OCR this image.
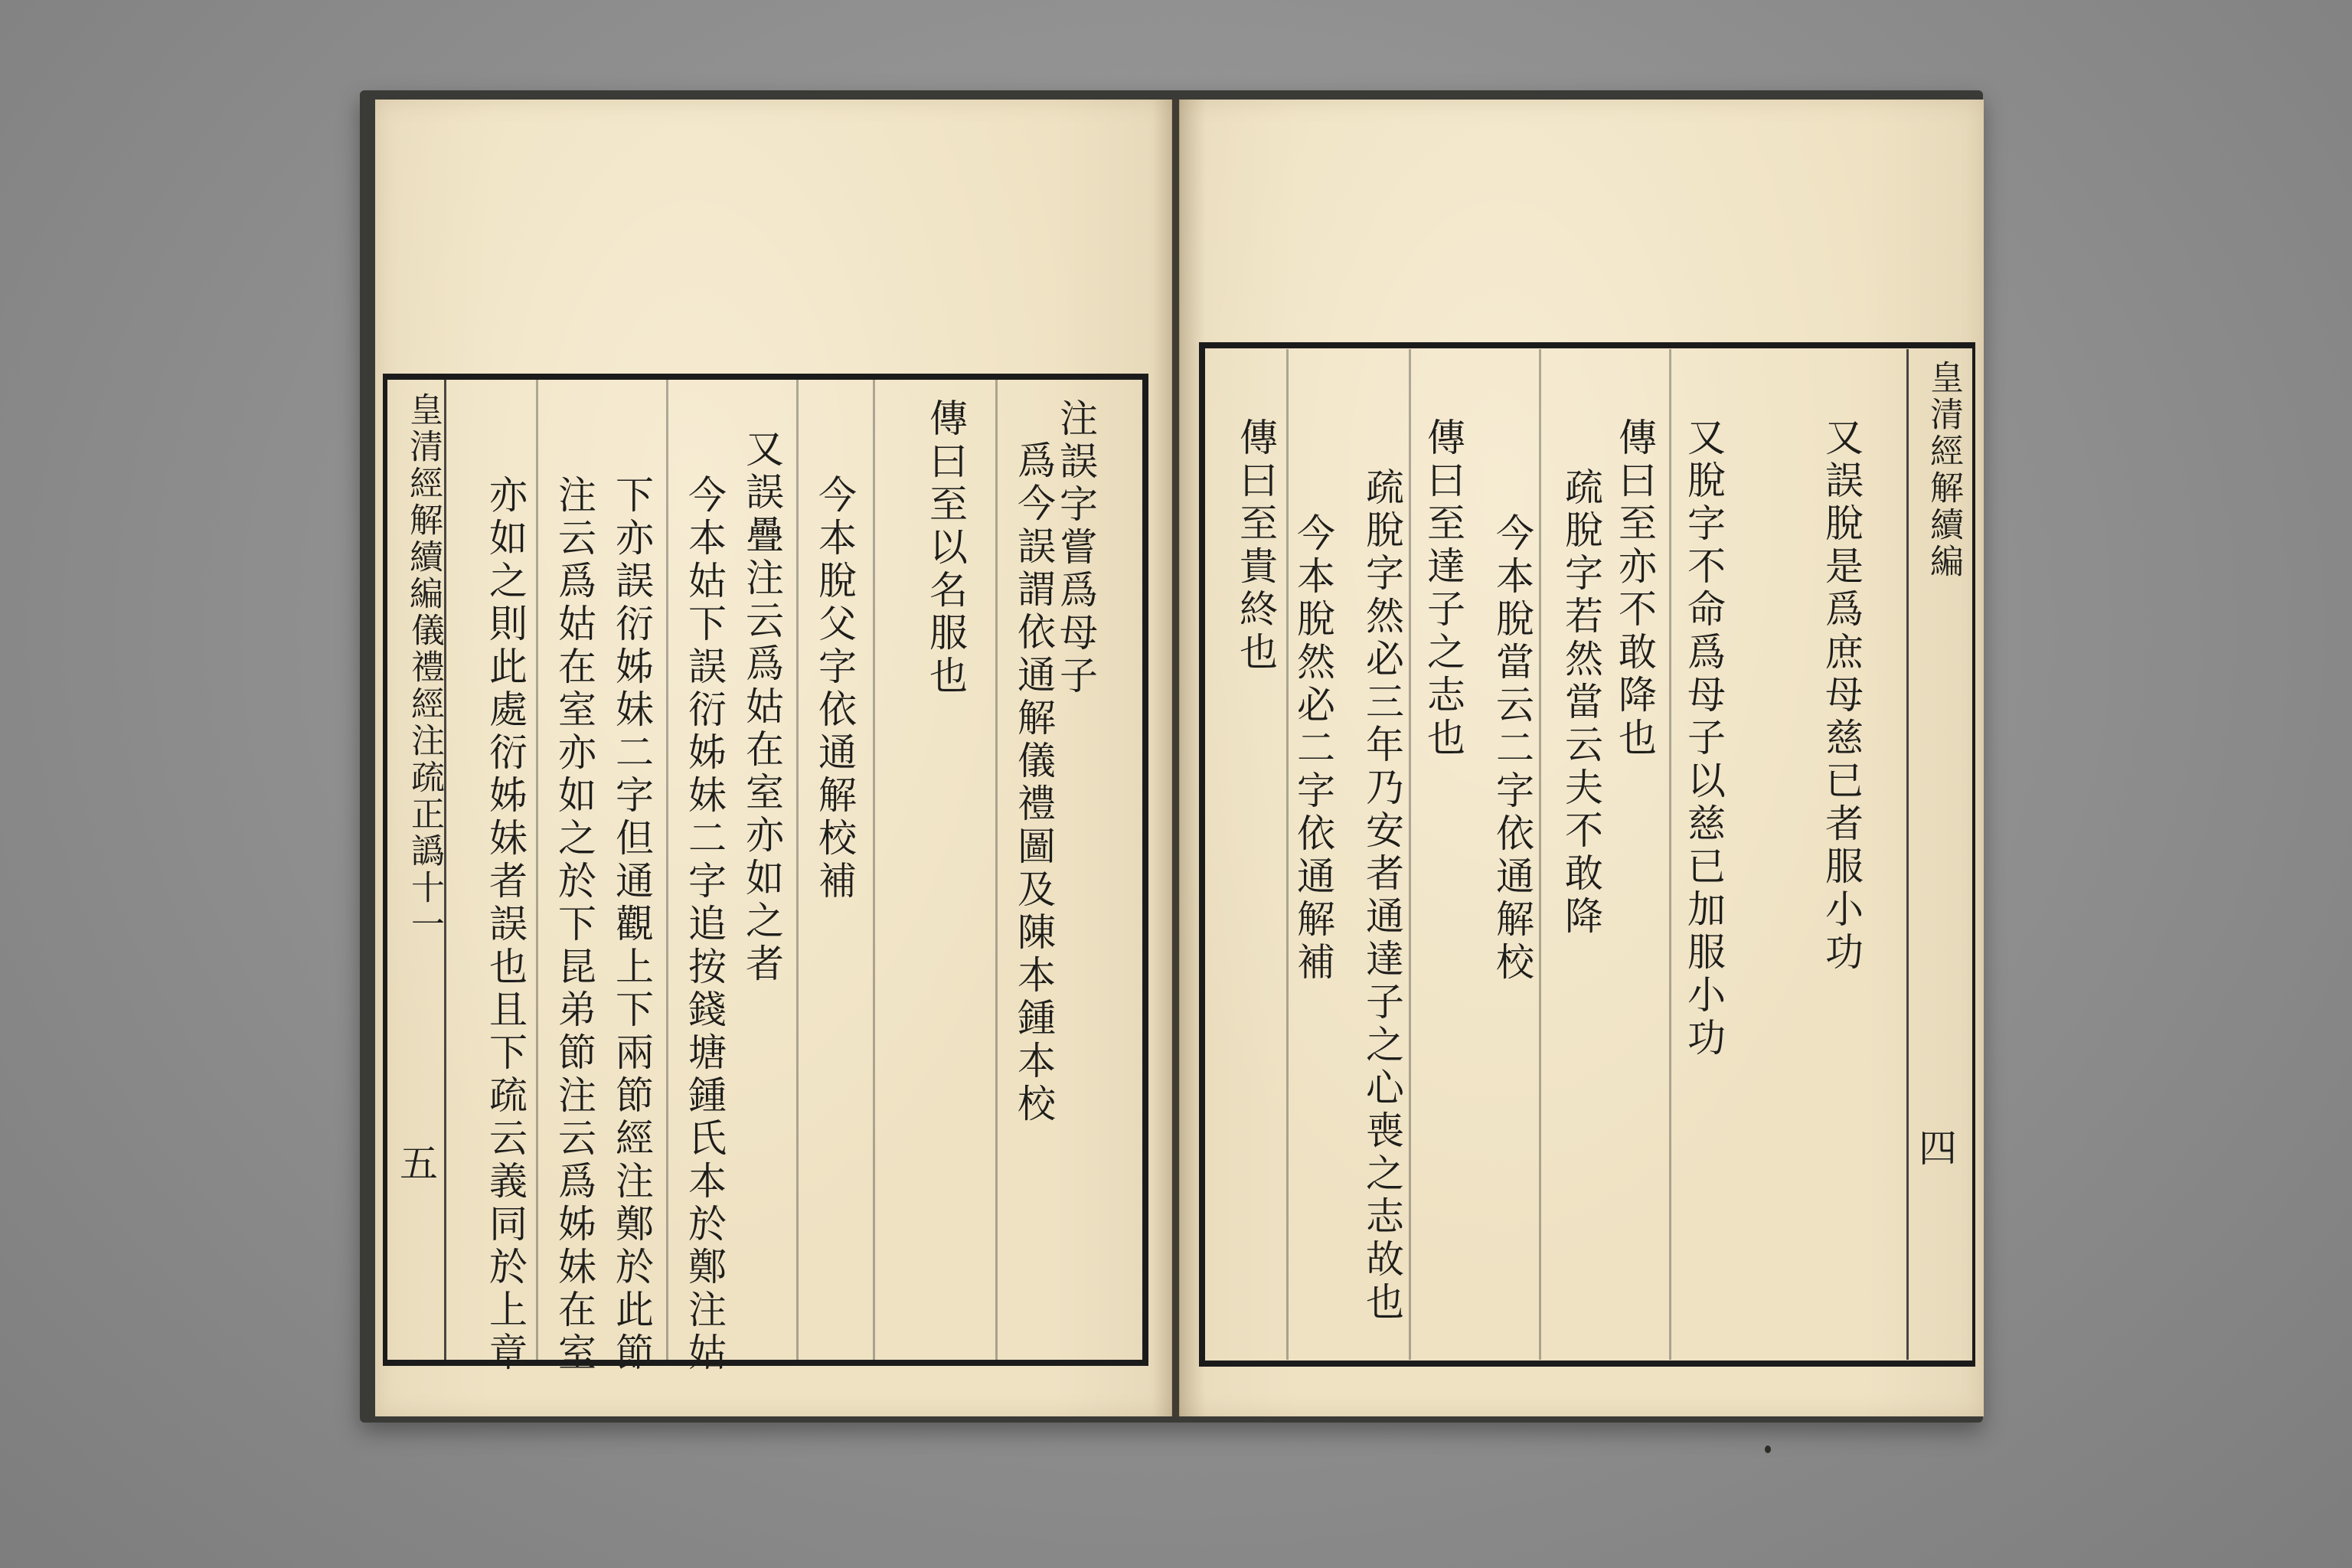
皇清經解續編
儀禮經注疏正譌十一
五
注誤字嘗爲母子
爲今誤謂依通解儀禮圖及陳本鍾本校
傳曰至以名服也
今本脫父字依通解校補
又誤疊注云爲姑在室亦如之者
今本姑下誤衍姊妹二字追按錢塘鍾氏本於鄭注姑
下亦誤衍姊妹二字但通觀上下兩節經注鄭於此節
注云爲姑在室亦如之於下昆弟節注云爲姊妹在室
亦如之則此處衍姊妹者誤也且下疏云義同於上章
皇清經解續編
四
又誤脫是爲庶母慈已者服小功
又脫字不命爲母子以慈已加服小功
傳曰至亦不敢降也
疏脫字若然當云夫不敢降
今本脫當云二字依通解校
傳曰至達子之志也
疏脫字然必三年乃安者通達子之心喪之志故也
今本脫然必二字依通解補
傳曰至貴終也
